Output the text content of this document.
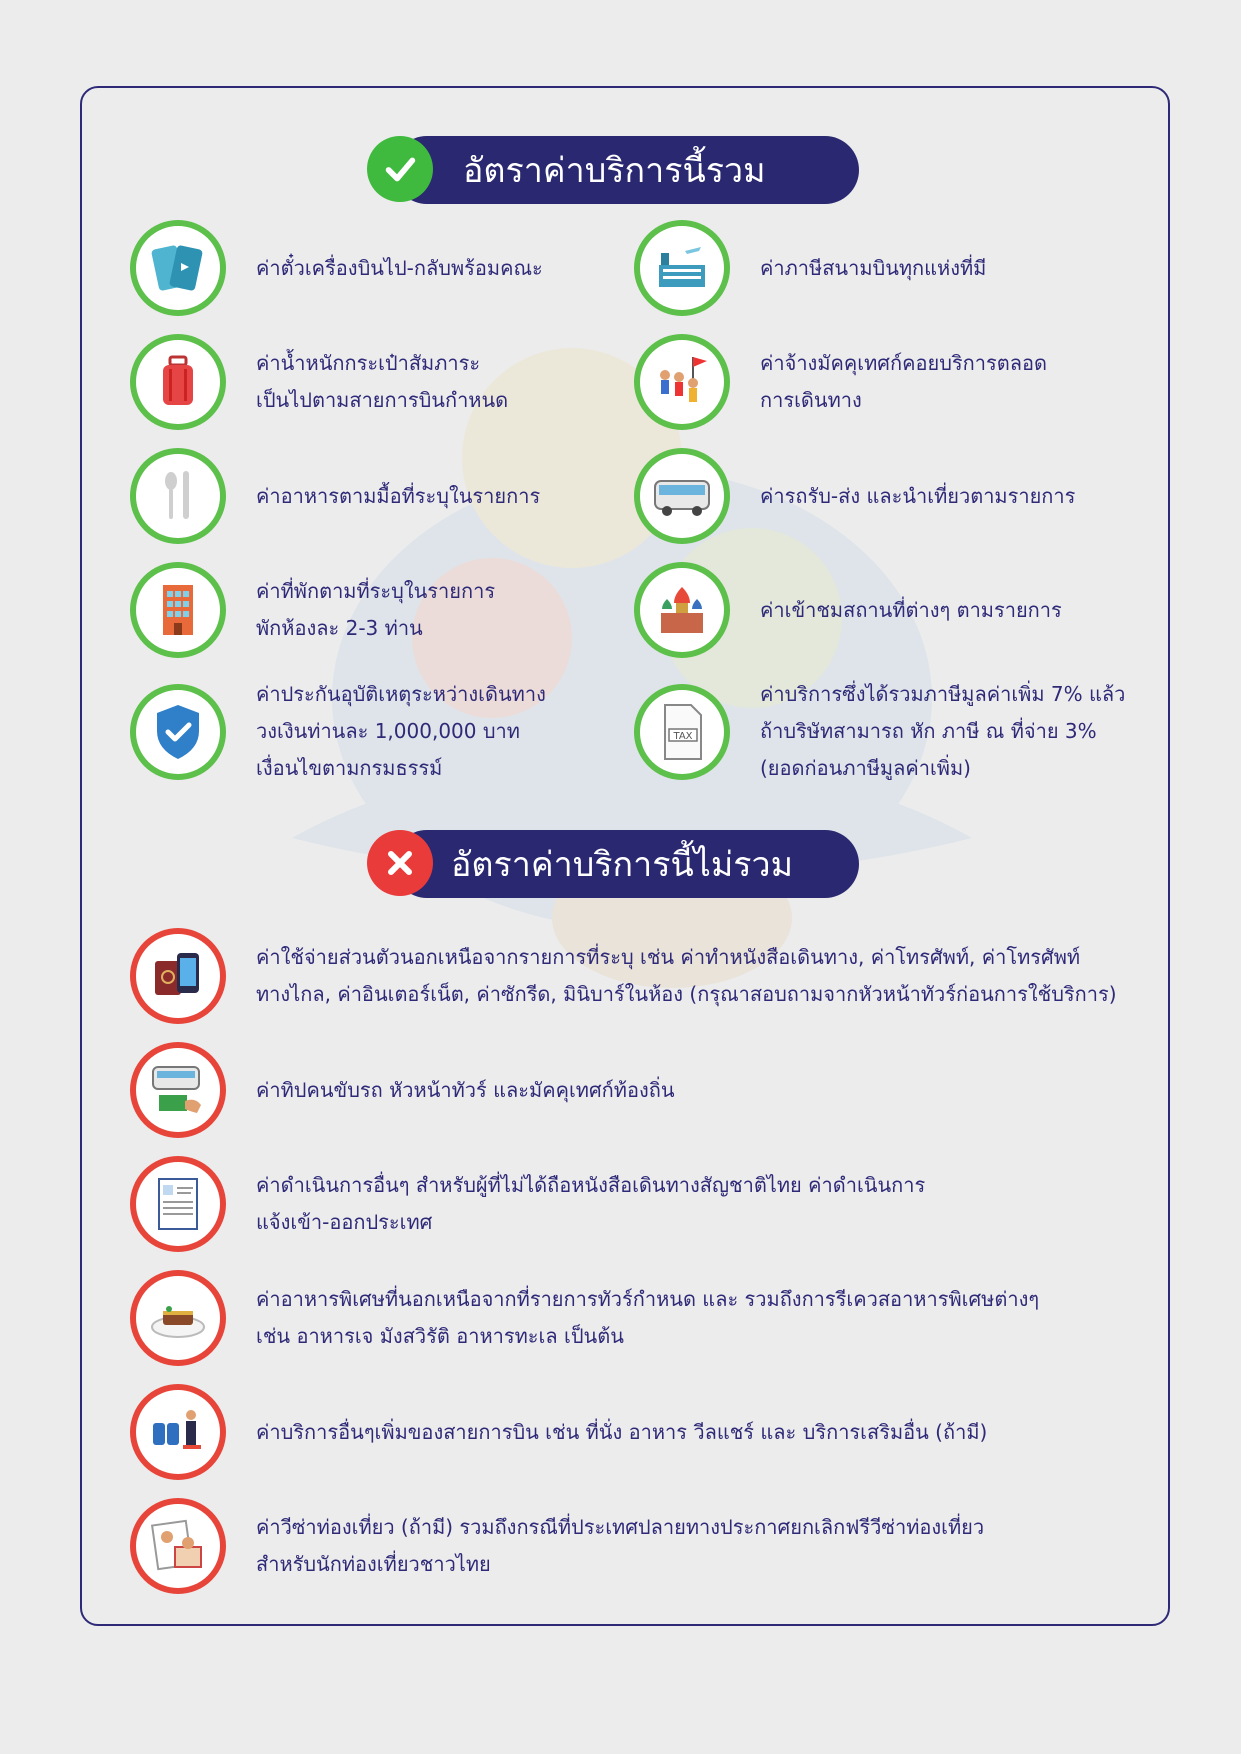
อัตราค่าบริการนี้รวม
ค่าตั๋วเครื่องบินไป-กลับพร้อมคณะ	ค่าภาษีสนามบินทุกแห่งที่มี
ค่าน้ำหนักกระเป๋าสัมภาระ
เป็นไปตามสายการบินกำหนด
ค่าจ้างมัคคุเทศก์คอยบริการตลอด
การเดินทาง
ค่าอาหารตามมื้อที่ระบุในรายการ	ค่ารถรับ-ส่ง และนำเที่ยวตามรายการ
ค่าที่พักตามที่ระบุในรายการ
พักห้องละ 2-3 ท่าน
ค่าเข้าชมสถานที่ต่างๆ ตามรายการ
ค่าประกันอุบัติเหตุระหว่างเดินทาง
วงเงินท่านละ 1,000,000 บาท
เงื่อนไขตามกรมธรรม์
TAX
ค่าบริการซึ่งได้รวมภาษีมูลค่าเพิ่ม 7% แล้ว
ถ้าบริษัทสามารถ หัก ภาษี ณ ที่จ่าย 3%
(ยอดก่อนภาษีมูลค่าเพิ่ม)
อัตราค่าบริการนี้ไม่รวม
ค่าใช้จ่ายส่วนตัวนอกเหนือจากรายการที่ระบุ เช่น ค่าทำหนังสือเดินทาง, ค่าโทรศัพท์, ค่าโทรศัพท์
ทางไกล, ค่าอินเตอร์เน็ต, ค่าซักรีด, มินิบาร์ในห้อง (กรุณาสอบถามจากหัวหน้าทัวร์ก่อนการใช้บริการ)
ค่าทิปคนขับรถ หัวหน้าทัวร์ และมัคคุเทศก์ท้องถิ่น
ค่าดำเนินการอื่นๆ สำหรับผู้ที่ไม่ได้ถือหนังสือเดินทางสัญชาติไทย ค่าดำเนินการ
แจ้งเข้า-ออกประเทศ
ค่าอาหารพิเศษที่นอกเหนือจากที่รายการทัวร์กำหนด และ รวมถึงการรีเควสอาหารพิเศษต่างๆ
เช่น อาหารเจ มังสวิรัติ อาหารทะเล เป็นต้น
ค่าบริการอื่นๆเพิ่มของสายการบิน เช่น ที่นั่ง อาหาร วีลแชร์ และ บริการเสริมอื่น (ถ้ามี)
ค่าวีซ่าท่องเที่ยว (ถ้ามี) รวมถึงกรณีที่ประเทศปลายทางประกาศยกเลิกฟรีวีซ่าท่องเที่ยว
สำหรับนักท่องเที่ยวชาวไทย
